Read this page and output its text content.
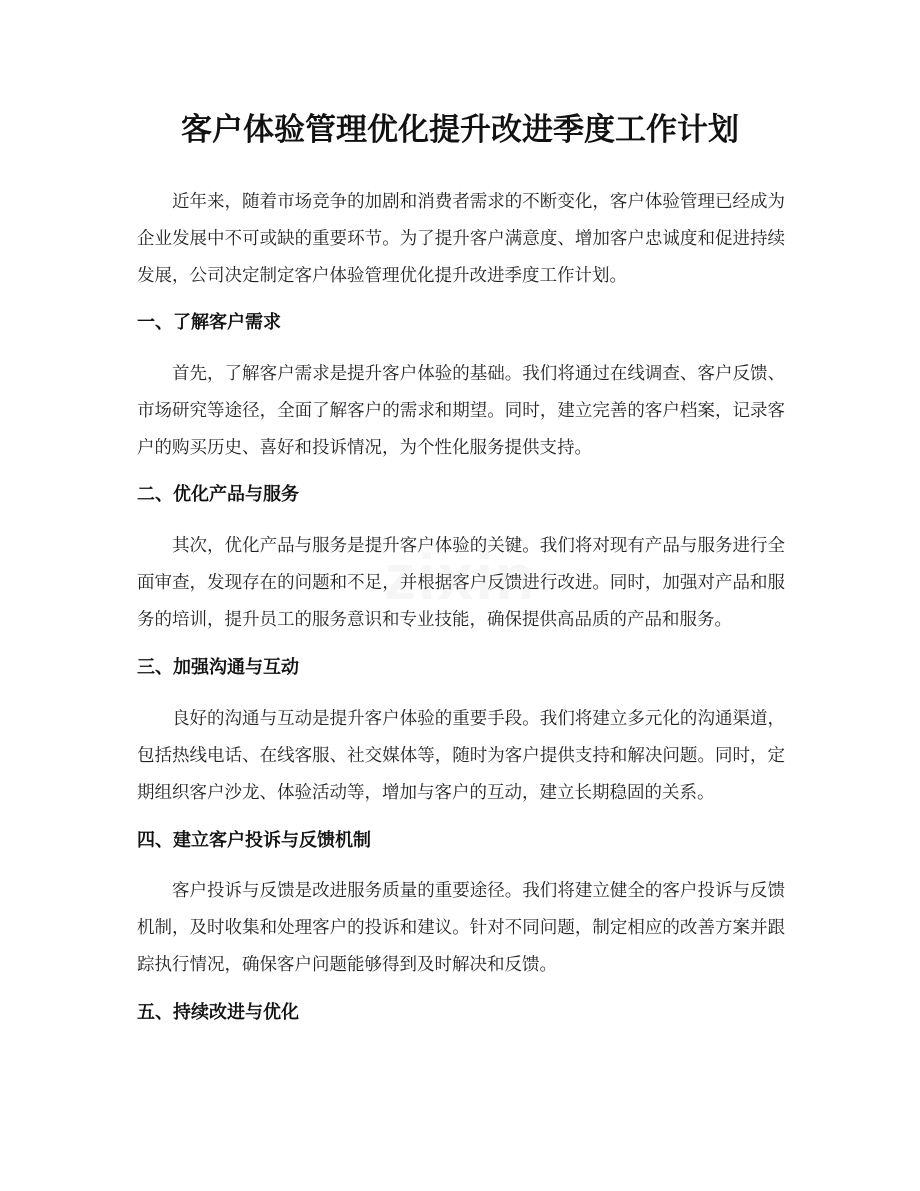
客户体验管理优化提升改进季度工作计划

近年来，随着市场竞争的加剧和消费者需求的不断变化，客户体验管理已经成为企业发展中不可或缺的重要环节。为了提升客户满意度、增加客户忠诚度和促进持续发展，公司决定制定客户体验管理优化提升改进季度工作计划。

一、了解客户需求

首先，了解客户需求是提升客户体验的基础。我们将通过在线调查、客户反馈、市场研究等途径，全面了解客户的需求和期望。同时，建立完善的客户档案，记录客户的购买历史、喜好和投诉情况，为个性化服务提供支持。

二、优化产品与服务

其次，优化产品与服务是提升客户体验的关键。我们将对现有产品与服务进行全面审查，发现存在的问题和不足，并根据客户反馈进行改进。同时，加强对产品和服务的培训，提升员工的服务意识和专业技能，确保提供高品质的产品和服务。

三、加强沟通与互动

良好的沟通与互动是提升客户体验的重要手段。我们将建立多元化的沟通渠道，包括热线电话、在线客服、社交媒体等，随时为客户提供支持和解决问题。同时，定期组织客户沙龙、体验活动等，增加与客户的互动，建立长期稳固的关系。

四、建立客户投诉与反馈机制

客户投诉与反馈是改进服务质量的重要途径。我们将建立健全的客户投诉与反馈机制，及时收集和处理客户的投诉和建议。针对不同问题，制定相应的改善方案并跟踪执行情况，确保客户问题能够得到及时解决和反馈。

五、持续改进与优化
zixin
